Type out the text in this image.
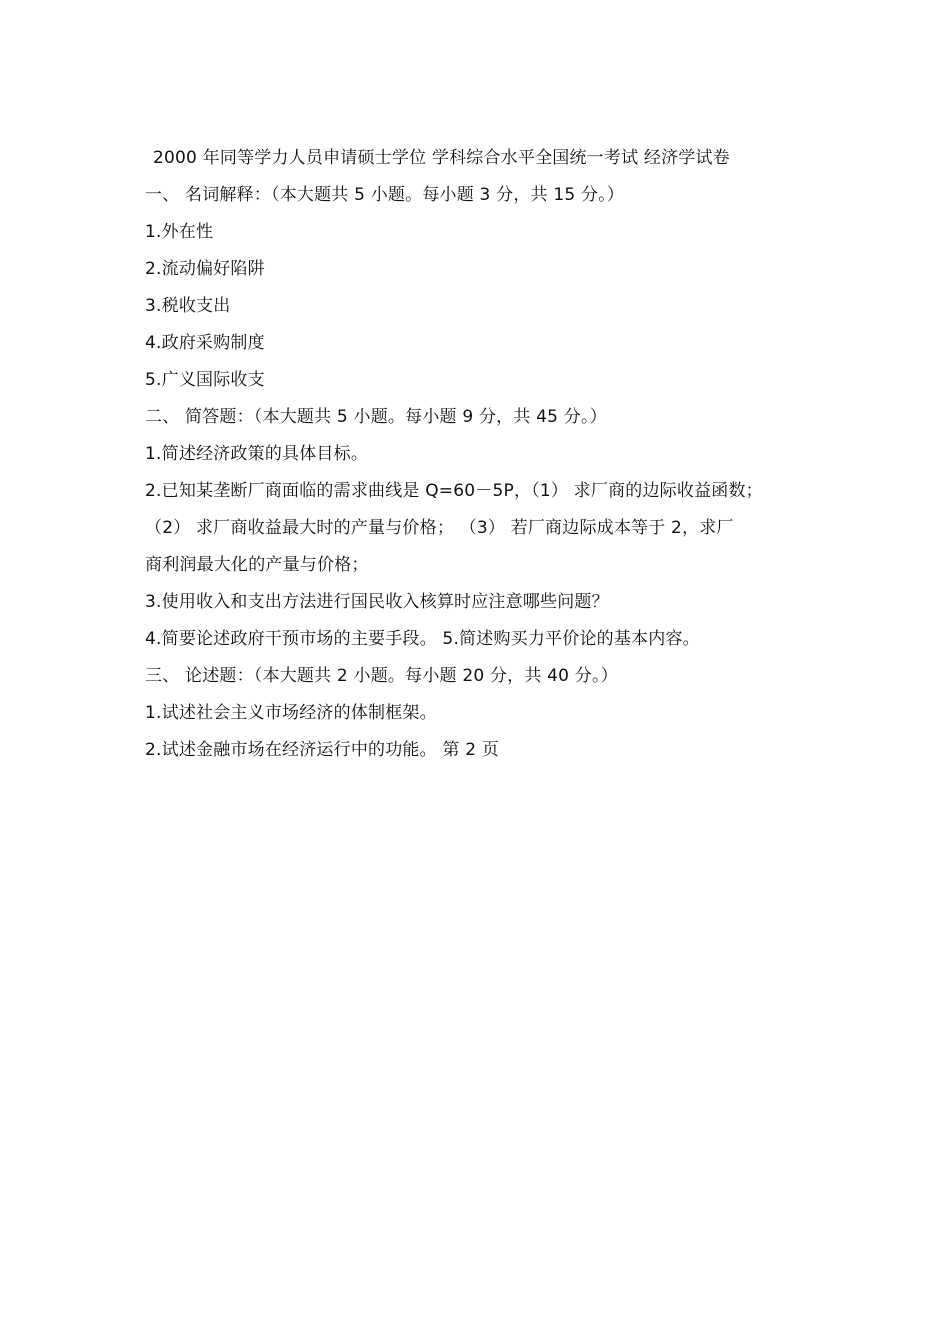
2000 年同等学力人员申请硕士学位 学科综合水平全国统一考试 经济学试卷
一、 名词解释：（本大题共 5 小题。每小题 3 分，共 15 分。）
1.外在性
2.流动偏好陷阱
3.税收支出
4.政府采购制度
5.广义国际收支
二、 简答题：（本大题共 5 小题。每小题 9 分，共 45 分。）
1.简述经济政策的具体目标。
2.已知某垄断厂商面临的需求曲线是 Q=60－5P，（1） 求厂商的边际收益函数；
（2） 求厂商收益最大时的产量与价格； （3） 若厂商边际成本等于 2，求厂
商利润最大化的产量与价格；
3.使用收入和支出方法进行国民收入核算时应注意哪些问题？
4.简要论述政府干预市场的主要手段。 5.简述购买力平价论的基本内容。
三、 论述题：（本大题共 2 小题。每小题 20 分，共 40 分。）
1.试述社会主义市场经济的体制框架。
2.试述金融市场在经济运行中的功能。 第 2 页
